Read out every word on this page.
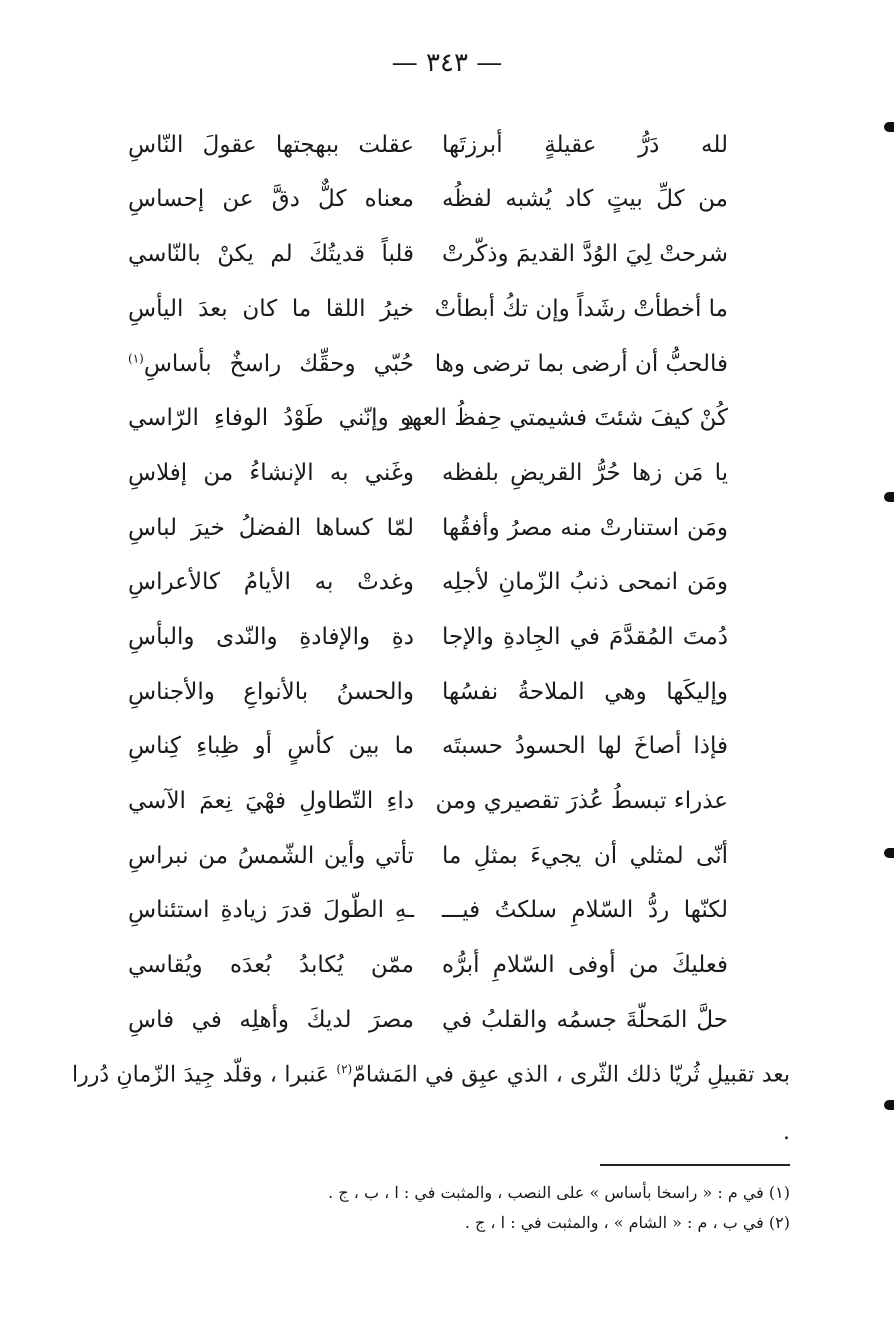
— ٣٤٣ —
لله دَرُّ عقيلةٍ أبرزتَها
عقلت ببهجتها عقولَ النّاسِ
من كلِّ بيتٍ كاد يُشبه لفظُه
معناه كلٌّ دقَّ عن إحساسِ
شرحتْ لِيَ الوُدَّ القديمَ وذكّرتْ
قلباً قديتُكَ لم يكنْ بالنّاسي
ما أخطأتْ رشَداً وإن تكُ أبطأتْ
خيرُ اللقا ما كان بعدَ اليأسِ
فالحبُّ أن أرضى بما ترضى وها
حُبّي وحقِّك راسخٌ بأساسِ$^{(١)}$
كُنْ كيفَ شئتَ فشيمتي حِفظُ العهو
دِ وإنّني طَوْدُ الوفاءِ الرّاسي
يا مَن زها حُرُّ القريضِ بلفظه
وغَني به الإنشاءُ من إفلاسِ
ومَن استنارتْ منه مصرُ وأفقُها
لمّا كساها الفضلُ خيرَ لباسِ
ومَن انمحى ذنبُ الزّمانِ لأجلِه
وغدتْ به الأيامُ كالأعراسِ
دُمتَ المُقدَّمَ في الجِادةِ والإجا
دةِ والإفادةِ والنّدى والبأسِ
وإليكَها وهي الملاحةُ نفسُها
والحسنُ بالأنواعِ والأجناسِ
فإذا أصاخَ لها الحسودُ حسبتَه
ما بين كأسٍ أو ظِباءِ كِناسِ
عذراء تبسطُ عُذرَ تقصيري ومن
داءِ التّطاولِ فهْيَ نِعمَ الآسي
أنّى لمثلي أن يجيءَ بمثلِ ما
تأتي وأين الشّمسُ من نبراسِ
لكنّها ردُّ السّلامِ سلكتُ فيـــ
ـهِ الطّولَ قدرَ زيادةِ استئناسِ
فعليكَ من أوفى السّلامِ أبرُّه
ممّن يُكابدُ بُعدَه ويُقاسي
حلَّ المَحلّةَ جسمُه والقلبُ في
مصرَ لديكَ وأهلِه في فاسِ
بعد تقبيلِ ثُريّا ذلك الثّرى ، الذي عبِق في المَشامّ$^{(٢)}$ عَنبرا ، وقلّد جِيدَ الزّمانِ دُررا .
(١) في م : « راسخا بأساس » على النصب ، والمثبت في : ا ، ب ، ج .
(٢) في ب ، م : « الشام » ، والمثبت في : ا ، ج .
